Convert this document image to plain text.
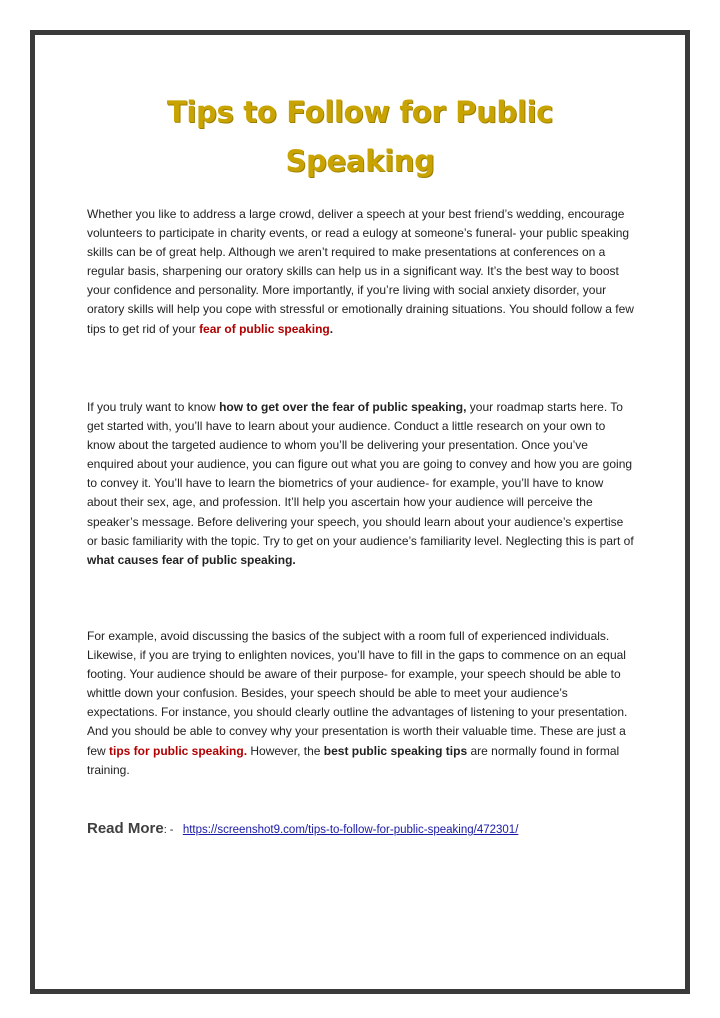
Tips to Follow for Public
Speaking

Whether you like to address a large crowd, deliver a speech at your best friend’s wedding, encourage volunteers to participate in charity events, or read a eulogy at someone’s funeral- your public speaking skills can be of great help. Although we aren’t required to make presentations at conferences on a regular basis, sharpening our oratory skills can help us in a significant way. It’s the best way to boost your confidence and personality. More importantly, if you’re living with social anxiety disorder, your oratory skills will help you cope with stressful or emotionally draining situations. You should follow a few tips to get rid of your fear of public speaking.

If you truly want to know how to get over the fear of public speaking, your roadmap starts here. To get started with, you’ll have to learn about your audience. Conduct a little research on your own to know about the targeted audience to whom you’ll be delivering your presentation. Once you’ve enquired about your audience, you can figure out what you are going to convey and how you are going to convey it. You’ll have to learn the biometrics of your audience- for example, you’ll have to know about their sex, age, and profession. It’ll help you ascertain how your audience will perceive the speaker’s message. Before delivering your speech, you should learn about your audience’s expertise or basic familiarity with the topic. Try to get on your audience’s familiarity level. Neglecting this is part of what causes fear of public speaking.

For example, avoid discussing the basics of the subject with a room full of experienced individuals. Likewise, if you are trying to enlighten novices, you’ll have to fill in the gaps to commence on an equal footing. Your audience should be aware of their purpose- for example, your speech should be able to whittle down your confusion. Besides, your speech should be able to meet your audience’s expectations. For instance, you should clearly outline the advantages of listening to your presentation. And you should be able to convey why your presentation is worth their valuable time. These are just a few tips for public speaking. However, the best public speaking tips are normally found in formal training.

Read More: - https://screenshot9.com/tips-to-follow-for-public-speaking/472301/
